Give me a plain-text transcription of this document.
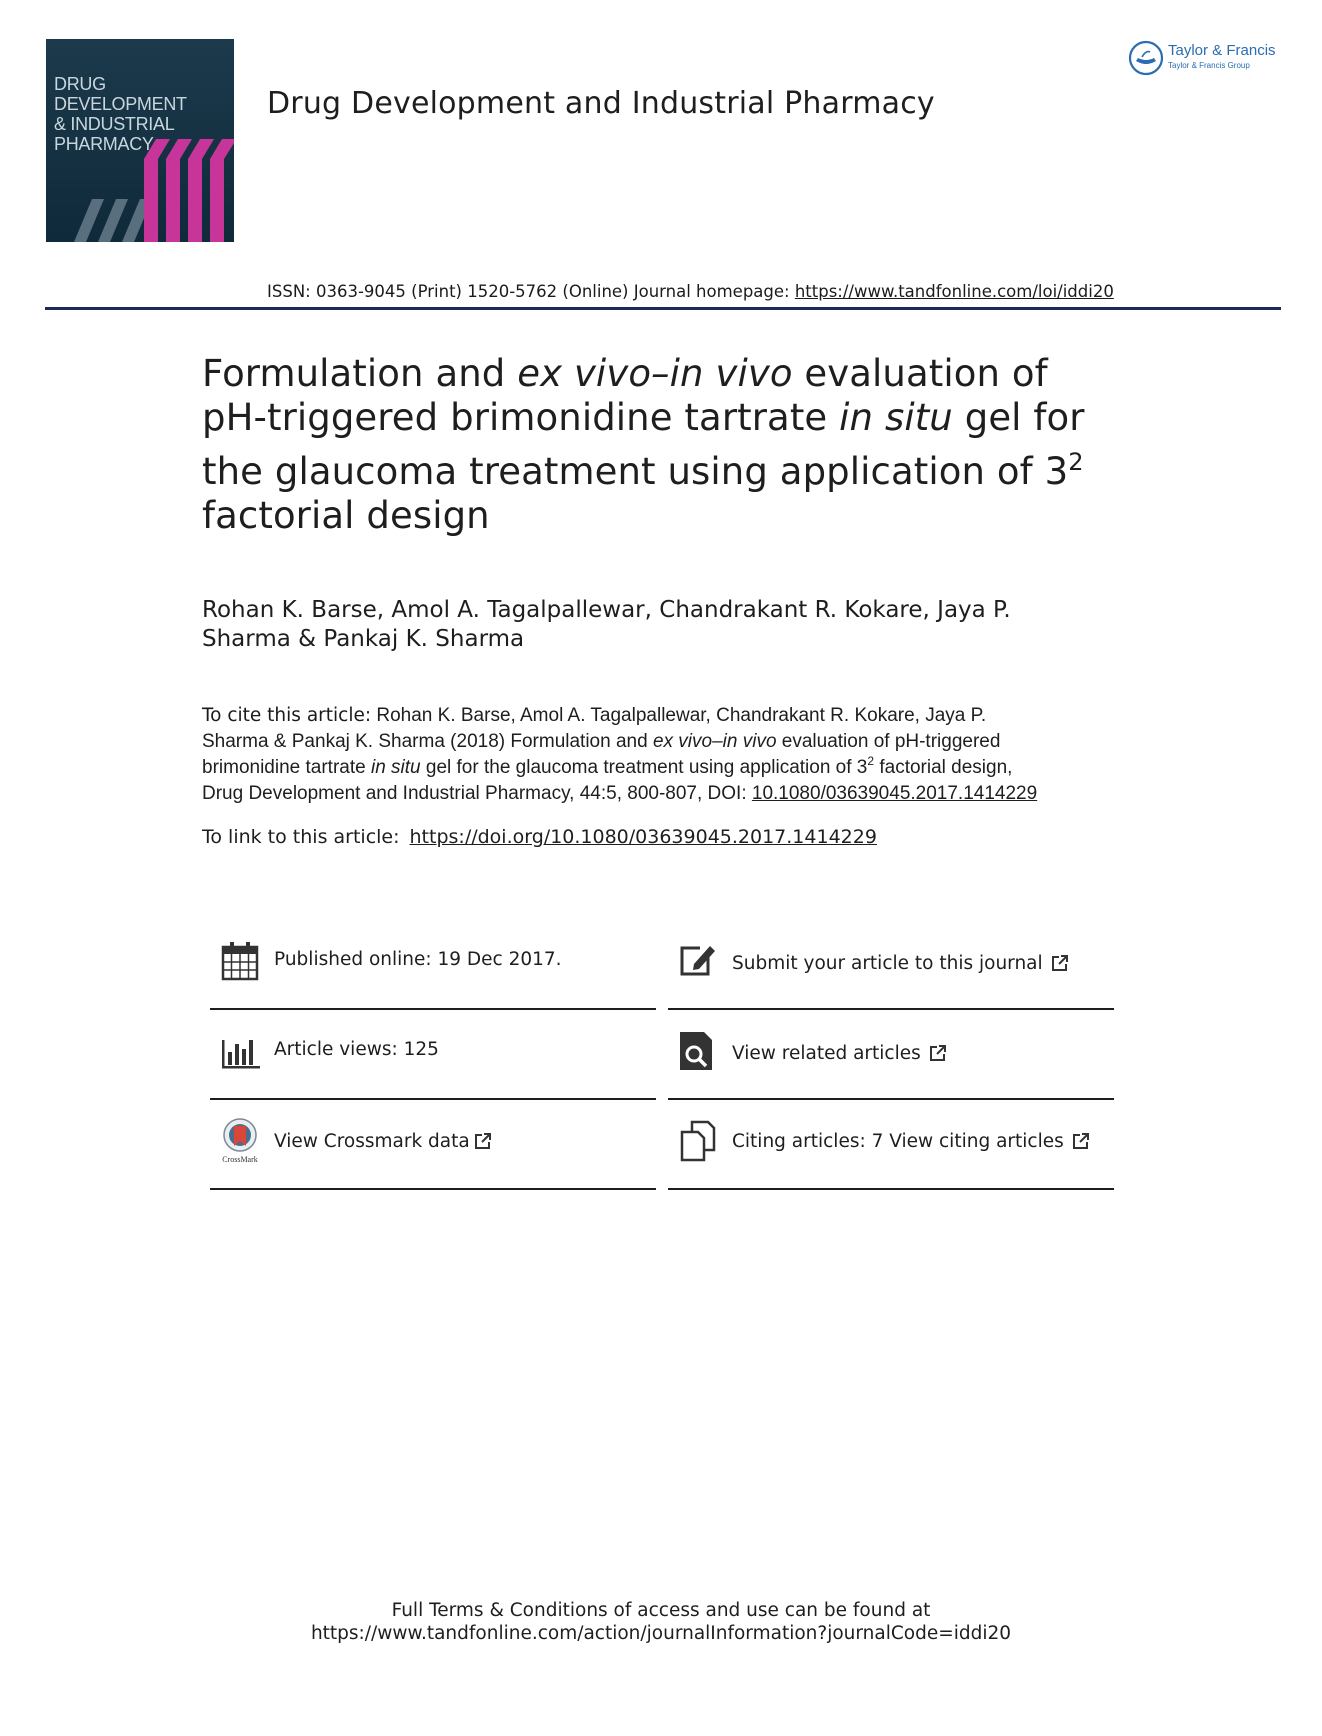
DRUG DEVELOPMENT
& INDUSTRIAL
PHARMACY
Drug Development and Industrial Pharmacy
Taylor & Francis
Taylor & Francis Group
ISSN: 0363-9045 (Print) 1520-5762 (Online) Journal homepage: https://www.tandfonline.com/loi/iddi20
Formulation and ex vivo–in vivo evaluation of
pH-triggered brimonidine tartrate in situ gel for
the glaucoma treatment using application of $3^2$
factorial design
Rohan K. Barse, Amol A. Tagalpallewar, Chandrakant R. Kokare, Jaya P.
Sharma & Pankaj K. Sharma
To cite this article: Rohan K. Barse, Amol A. Tagalpallewar, Chandrakant R. Kokare, Jaya P.
Sharma & Pankaj K. Sharma (2018) Formulation and ex vivo–in vivo evaluation of pH-triggered
brimonidine tartrate in situ gel for the glaucoma treatment using application of $3^2$ factorial design,
Drug Development and Industrial Pharmacy, 44:5, 800-807, DOI: 10.1080/03639045.2017.1414229
To link to this article: https://doi.org/10.1080/03639045.2017.1414229
Published online: 19 Dec 2017.	Submit your article to this journal
Article views: 125	View related articles
CrossMark
View Crossmark data	Citing articles: 7 View citing articles
Full Terms & Conditions of access and use can be found at
https://www.tandfonline.com/action/journalInformation?journalCode=iddi20
